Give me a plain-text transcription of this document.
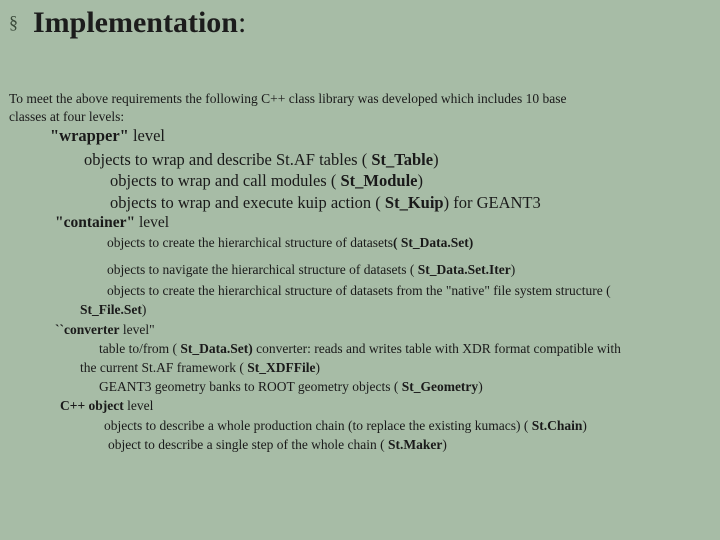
§ Implementation :
To meet the above requirements the following C++ class library was developed which includes 10 base
classes at four levels:
"wrapper" level
objects to wrap and describe St.AF tables ( St_Table)
objects to wrap and call modules ( St_Module)
objects to wrap and execute kuip action ( St_Kuip) for GEANT3
"container" level
objects to create the hierarchical structure of datasets( St_Data.Set)
objects to navigate the hierarchical structure of datasets ( St_Data.Set.Iter)
objects to create the hierarchical structure of datasets from the "native" file system structure (
St_File.Set)
``converter level"
table to/from ( St_Data.Set) converter: reads and writes table with XDR format compatible with
the current St.AF framework ( St_XDFFile)
GEANT3 geometry banks to ROOT geometry objects ( St_Geometry)
C++ object level
objects to describe a whole production chain (to replace the existing kumacs) ( St.Chain)
object to describe a single step of the whole chain ( St.Maker)
